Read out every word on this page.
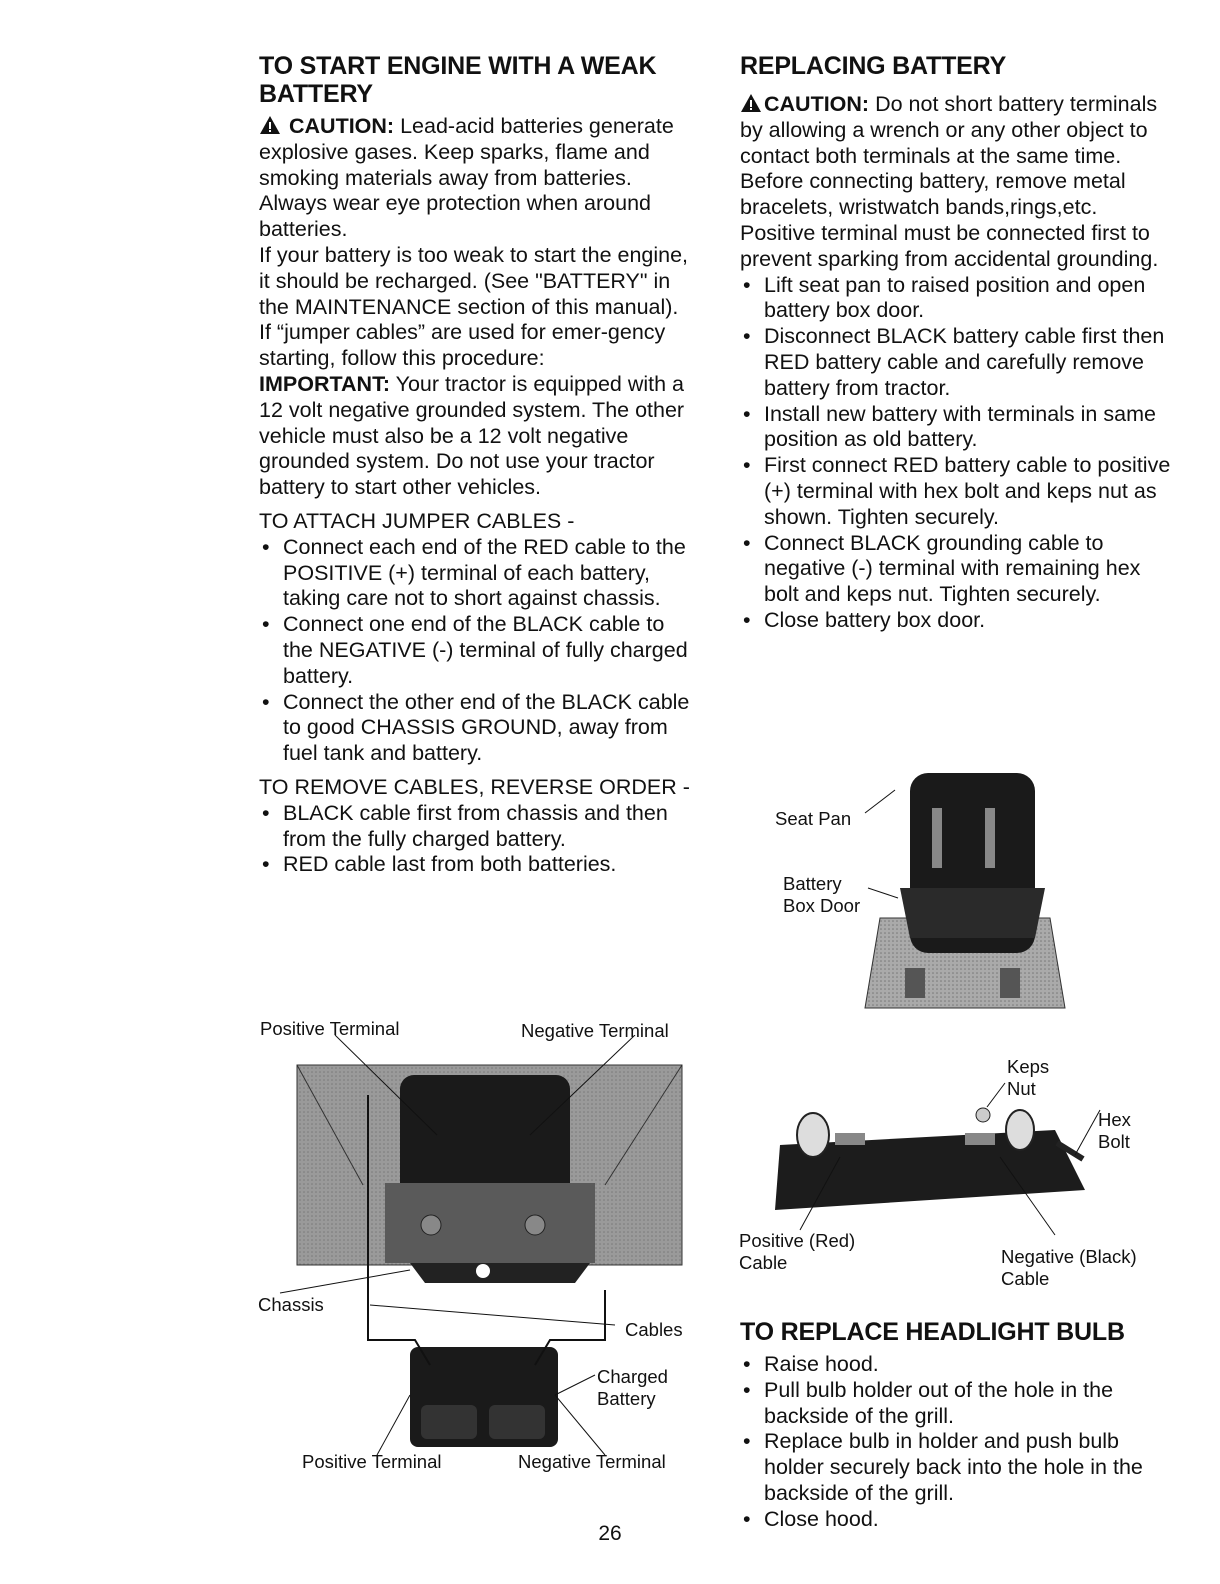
TO START ENGINE WITH A WEAK BATTERY

CAUTION: Lead-acid batteries generate explosive gases. Keep sparks, flame and smoking materials away from batteries. Always wear eye protection when around batteries.

If your battery is too weak to start the engine, it should be recharged. (See "BATTERY" in the MAINTENANCE section of this manual).

If “jumper cables” are used for emer-gency starting, follow this procedure:

IMPORTANT: Your tractor is equipped with a 12 volt negative grounded system. The other vehicle must also be a 12 volt negative grounded system. Do not use your tractor battery to start other vehicles.

TO ATTACH JUMPER CABLES -

• Connect each end of the RED cable to the POSITIVE (+) terminal of each battery, taking care not to short against chassis.
• Connect one end of the BLACK cable to the NEGATIVE (-) terminal of fully charged battery.
• Connect the other end of the BLACK cable to good CHASSIS GROUND, away from fuel tank and battery.

TO REMOVE CABLES, REVERSE ORDER -

• BLACK cable first from chassis and then from the fully charged battery.
• RED cable last from both batteries.
REPLACING BATTERY

CAUTION: Do not short battery terminals by allowing a wrench or any other object to contact both terminals at the same time. Before connecting battery, remove metal bracelets, wristwatch bands,rings,etc.

Positive terminal must be connected first to prevent sparking from accidental grounding.

• Lift seat pan to raised position and open battery box door.
• Disconnect BLACK battery cable first then RED battery cable and carefully remove battery from tractor.
• Install new battery with terminals in same position as old battery.
• First connect RED battery cable to positive (+) terminal with hex bolt and keps nut as shown. Tighten securely.
• Connect BLACK grounding cable to negative (-) terminal with remaining hex bolt and keps nut. Tighten securely.
• Close battery box door.
TO REPLACE HEADLIGHT BULB
• Raise hood.
• Pull bulb holder out of the hole in the backside of the grill.
• Replace bulb in holder and push bulb holder securely back into the hole in the backside of the grill.
• Close hood.
Positive Terminal	Negative Terminal
Chassis
Cables
Charged
Battery
Positive Terminal	Negative Terminal
Seat Pan
Battery
Box Door
Keps
Nut
Hex
Bolt
Positive (Red)
Cable	Negative (Black)
Cable
26
